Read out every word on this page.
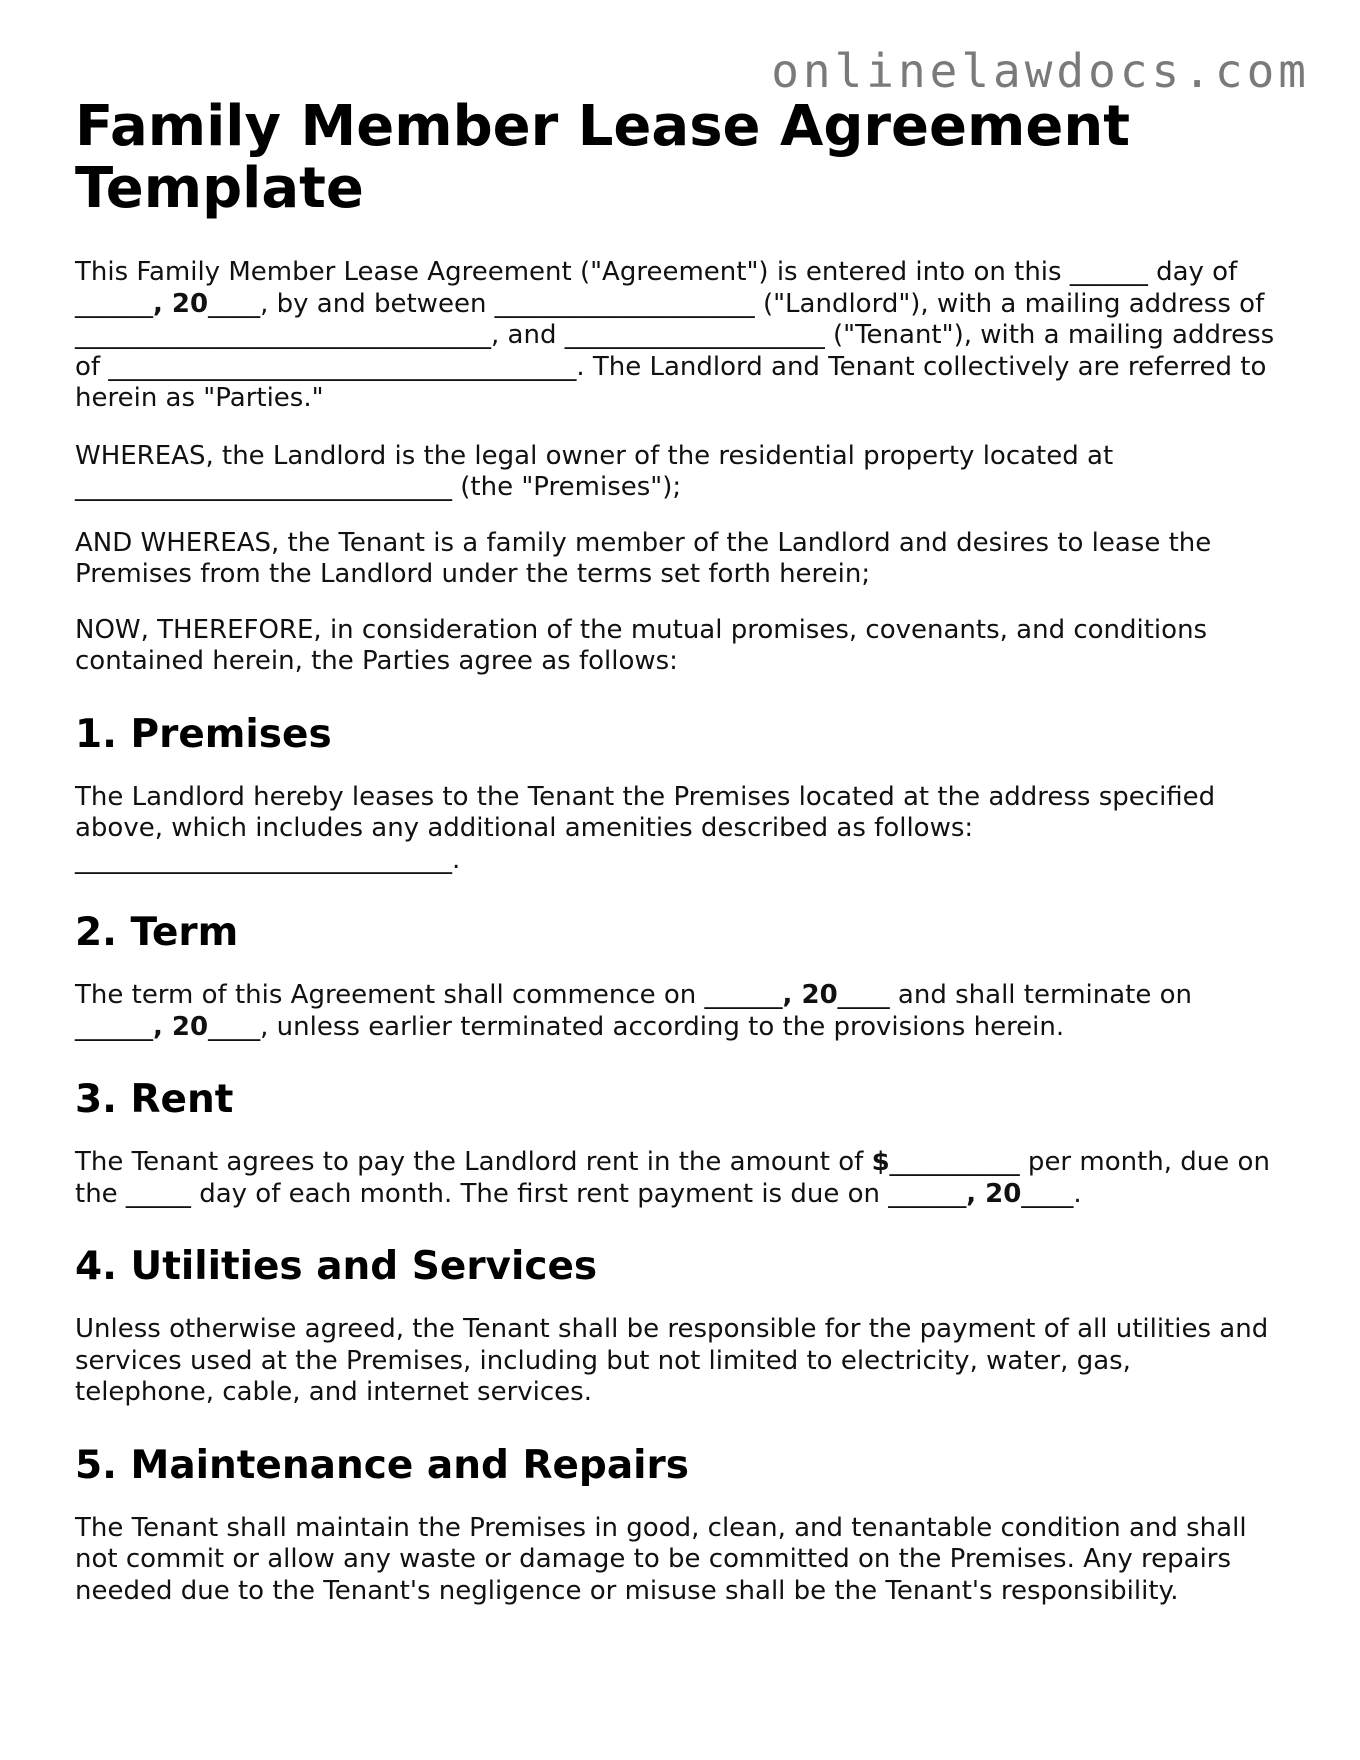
onlinelawdocs.com
Family Member Lease Agreement Template

This Family Member Lease Agreement ("Agreement") is entered into on this ______ day of ______, 20____, by and between ____________________ ("Landlord"), with a mailing address of ________________________________, and ____________________ ("Tenant"), with a mailing address of ____________________________________. The Landlord and Tenant collectively are referred to herein as "Parties."

WHEREAS, the Landlord is the legal owner of the residential property located at _____________________________ (the "Premises");

AND WHEREAS, the Tenant is a family member of the Landlord and desires to lease the Premises from the Landlord under the terms set forth herein;

NOW, THEREFORE, in consideration of the mutual promises, covenants, and conditions contained herein, the Parties agree as follows:

1. Premises

The Landlord hereby leases to the Tenant the Premises located at the address specified above, which includes any additional amenities described as follows: _____________________________.

2. Term

The term of this Agreement shall commence on ______, 20____ and shall terminate on ______, 20____, unless earlier terminated according to the provisions herein.

3. Rent

The Tenant agrees to pay the Landlord rent in the amount of $__________ per month, due on the _____ day of each month. The first rent payment is due on ______, 20____.

4. Utilities and Services

Unless otherwise agreed, the Tenant shall be responsible for the payment of all utilities and services used at the Premises, including but not limited to electricity, water, gas, telephone, cable, and internet services.

5. Maintenance and Repairs

The Tenant shall maintain the Premises in good, clean, and tenantable condition and shall not commit or allow any waste or damage to be committed on the Premises. Any repairs needed due to the Tenant's negligence or misuse shall be the Tenant's responsibility.
